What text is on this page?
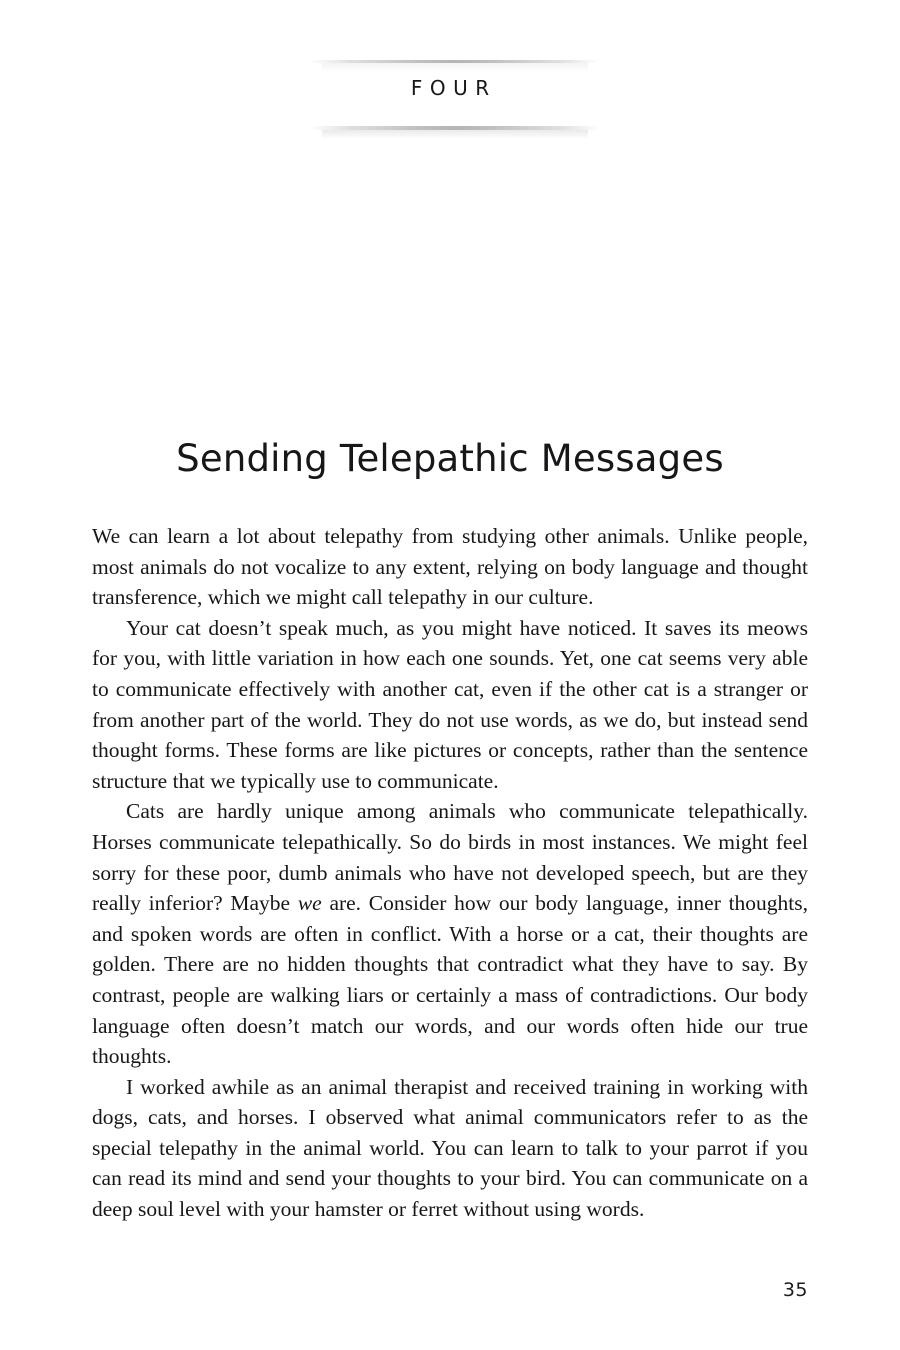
FOUR
Sending Telepathic Messages

We can learn a lot about telepathy from studying other animals. Unlike people, most animals do not vocalize to any extent, relying on body language and thought transference, which we might call telepathy in our culture.

Your cat doesn’t speak much, as you might have noticed. It saves its meows for you, with little variation in how each one sounds. Yet, one cat seems very able to communicate effectively with another cat, even if the other cat is a stranger or from another part of the world. They do not use words, as we do, but instead send thought forms. These forms are like pictures or concepts, rather than the sentence structure that we typically use to communicate.

Cats are hardly unique among animals who communicate telepathically. Horses communicate telepathically. So do birds in most instances. We might feel sorry for these poor, dumb animals who have not developed speech, but are they really inferior? Maybe we are. Consider how our body language, inner thoughts, and spoken words are often in conflict. With a horse or a cat, their thoughts are golden. There are no hidden thoughts that contradict what they have to say. By contrast, people are walking liars or certainly a mass of contradictions. Our body language often doesn’t match our words, and our words often hide our true thoughts.

I worked awhile as an animal therapist and received training in working with dogs, cats, and horses. I observed what animal communicators refer to as the special telepathy in the animal world. You can learn to talk to your parrot if you can read its mind and send your thoughts to your bird. You can communicate on a deep soul level with your hamster or ferret without using words.

35
